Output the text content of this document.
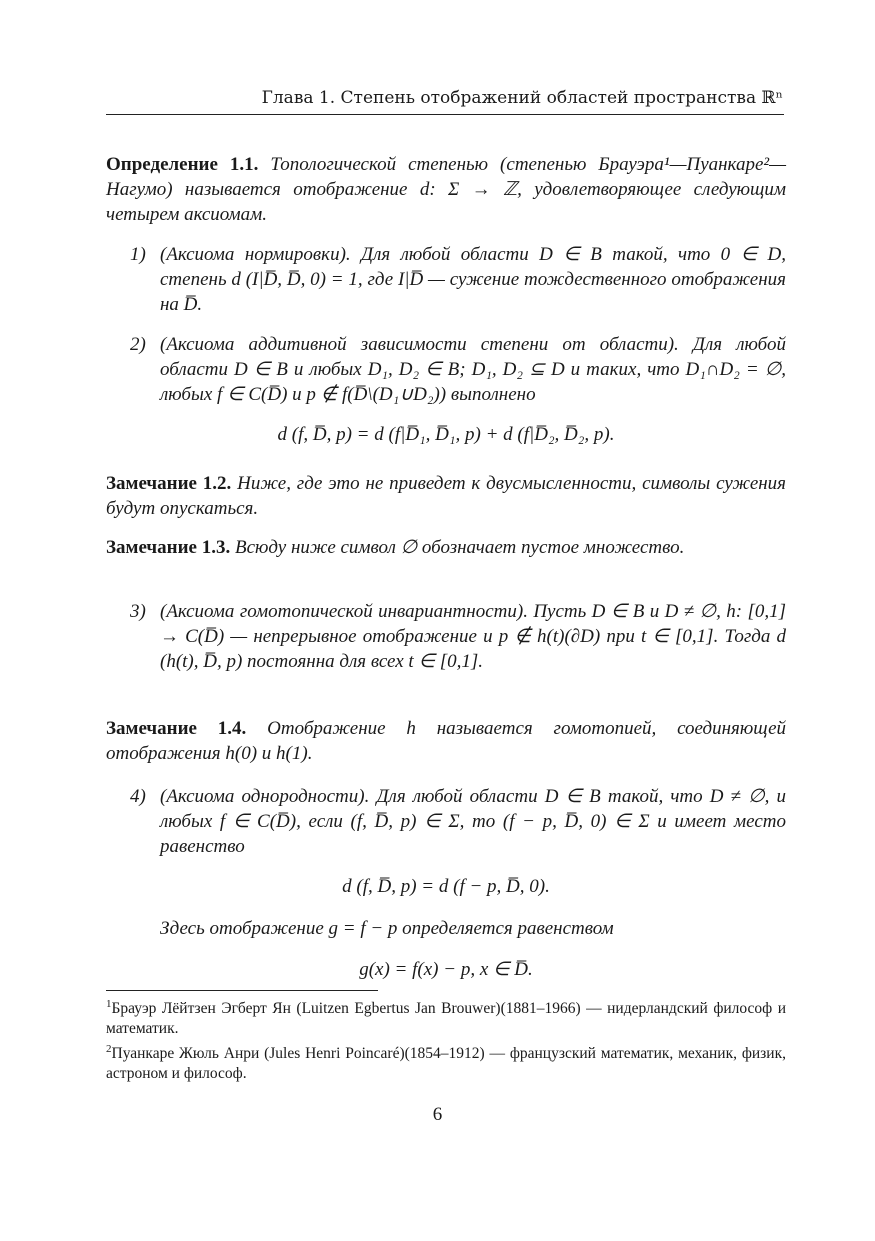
Глава 1. Степень отображений областей пространства ℝⁿ

Определение 1.1. Топологической степенью (степенью Брауэра¹—Пуанкаре²—Нагумо) называется отображение d: Σ → ℤ, удовлетворяющее следующим четырем аксиомам.

1) (Аксиома нормировки). Для любой области D ∈ B такой, что 0 ∈ D, степень d (I|D̅, D̅, 0) = 1, где I|D̅ — сужение тождественного отображения на D̅.
2) (Аксиома аддитивной зависимости степени от области). Для любой области D ∈ B и любых D₁, D₂ ∈ B; D₁, D₂ ⊆ D и таких, что D₁∩D₂ = ∅, любых f ∈ C(D̅) и p ∉ f(D̅\(D₁∪D₂)) выполнено
d (f, D̅, p) = d (f|D̅₁, D̅₁, p) + d (f|D̅₂, D̅₂, p).

Замечание 1.2. Ниже, где это не приведет к двусмысленности, символы сужения будут опускаться.

Замечание 1.3. Всюду ниже символ ∅ обозначает пустое множество.

3) (Аксиома гомотопической инвариантности). Пусть D ∈ B и D ≠ ∅, h: [0,1] → C(D̅) — непрерывное отображение и p ∉ h(t)(∂D) при t ∈ [0,1]. Тогда d (h(t), D̅, p) постоянна для всех t ∈ [0,1].

Замечание 1.4. Отображение h называется гомотопией, соединяющей отображения h(0) и h(1).

4) (Аксиома однородности). Для любой области D ∈ B такой, что D ≠ ∅, и любых f ∈ C(D̅), если (f, D̅, p) ∈ Σ, то (f − p, D̅, 0) ∈ Σ и имеет место равенство
d (f, D̅, p) = d (f − p, D̅, 0).
Здесь отображение g = f − p определяется равенством
g(x) = f(x) − p, x ∈ D̅.

$^1$Брауэр Лёйтзен Эгберт Ян (Luitzen Egbertus Jan Brouwer)(1881–1966) — нидерландский философ и математик.

$^2$Пуанкаре Жюль Анри (Jules Henri Poincaré)(1854–1912) — французский математик, механик, физик, астроном и философ.

6
